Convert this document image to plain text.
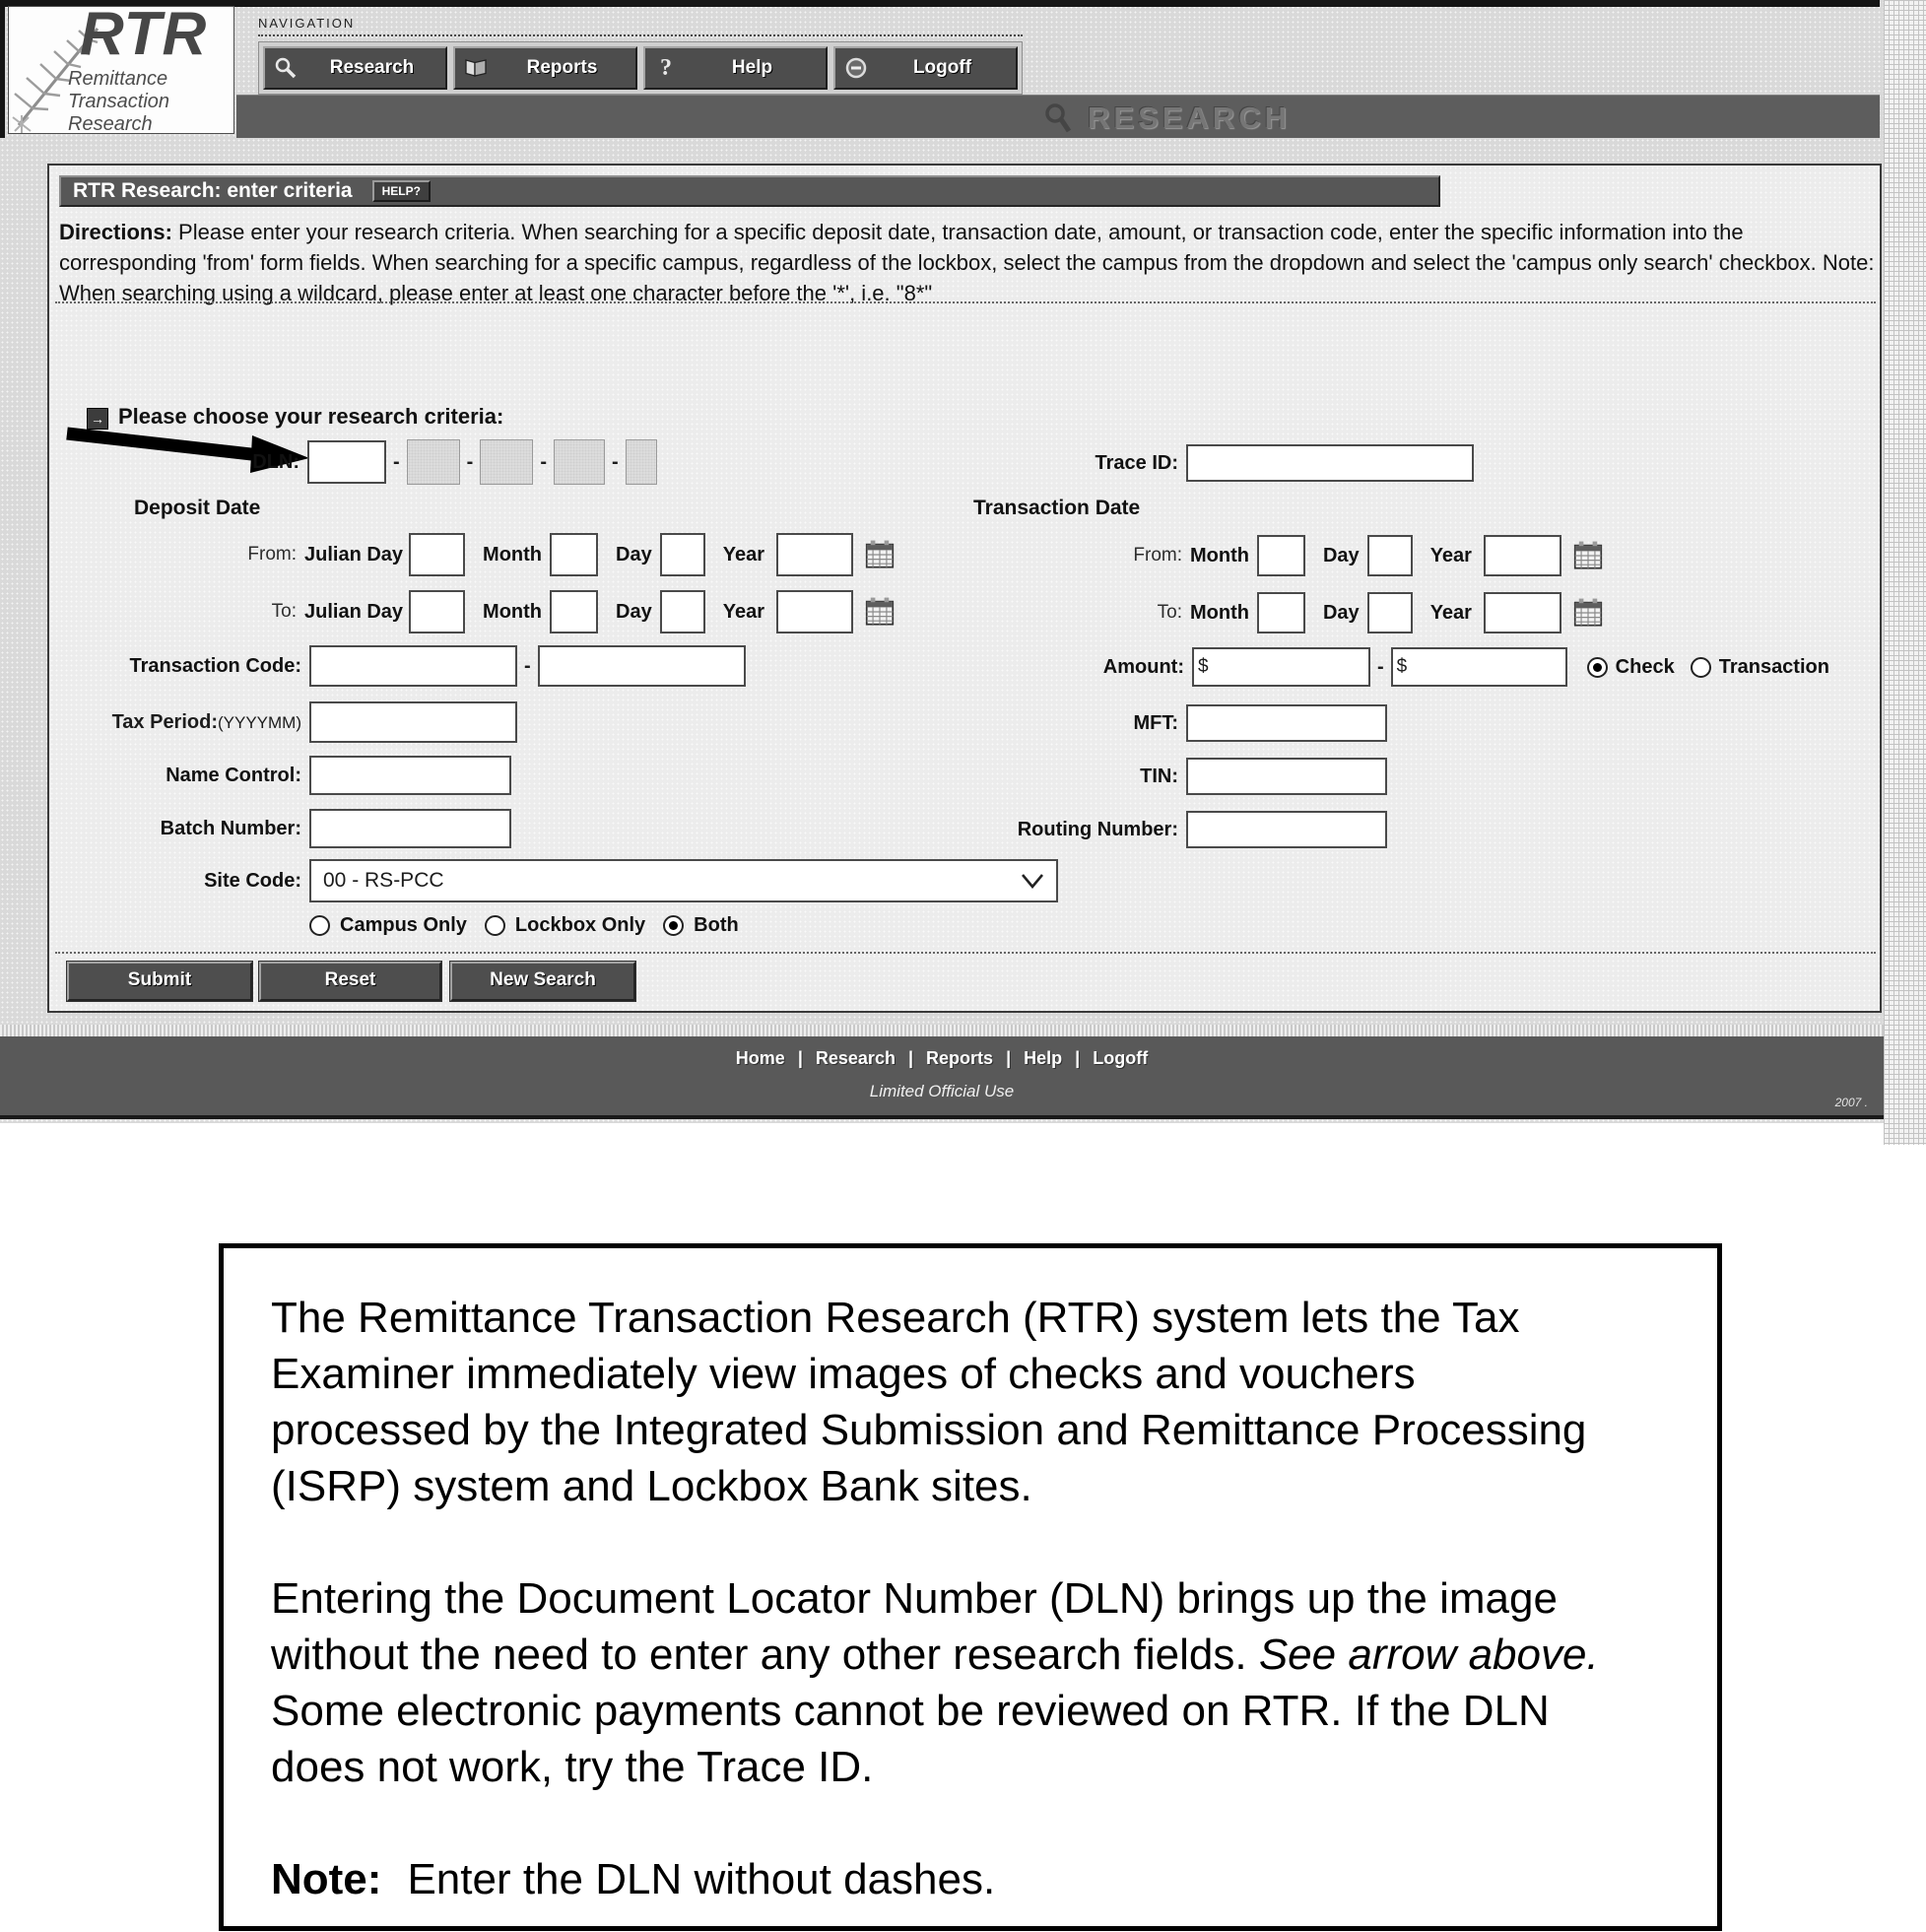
RTR
Remittance
Transaction
Research
NAVIGATION
Research	Reports	?	Help	Logoff
RESEARCH
RTR Research: enter criteria	HELP?
Directions: Please enter your research criteria. When searching for a specific deposit date, transaction date, amount, or transaction code, enter the specific information into the corresponding 'from' form fields. When searching for a specific campus, regardless of the lockbox, select the campus from the dropdown and select the 'campus only search' checkbox. Note: When searching using a wildcard, please enter at least one character before the '*', i.e. "8*"
→ Please choose your research criteria:
DLN:	-	-	-	-	Trace ID:
Deposit Date	Transaction Date
From: Julian Day	Month	Day	Year
To: Julian Day	Month	Day	Year
From: Month	Day	Year
To: Month	Day	Year
Transaction Code:	-	Amount: $	- $	Check Transaction
Tax Period:(YYYYMM)	MFT:
Name Control:	TIN:
Batch Number:	Routing Number:
Site Code:	00 - RS-PCC
Campus Only Lockbox Only Both
Submit	Reset	New Search
Home | Research | Reports | Help | Logoff
Limited Official Use
2007 .

The Remittance Transaction Research (RTR) system lets the Tax Examiner immediately view images of checks and vouchers processed by the Integrated Submission and Remittance Processing (ISRP) system and Lockbox Bank sites.

Entering the Document Locator Number (DLN) brings up the image without the need to enter any other research fields. See arrow above. Some electronic payments cannot be reviewed on RTR. If the DLN does not work, try the Trace ID.

Note: Enter the DLN without dashes.
